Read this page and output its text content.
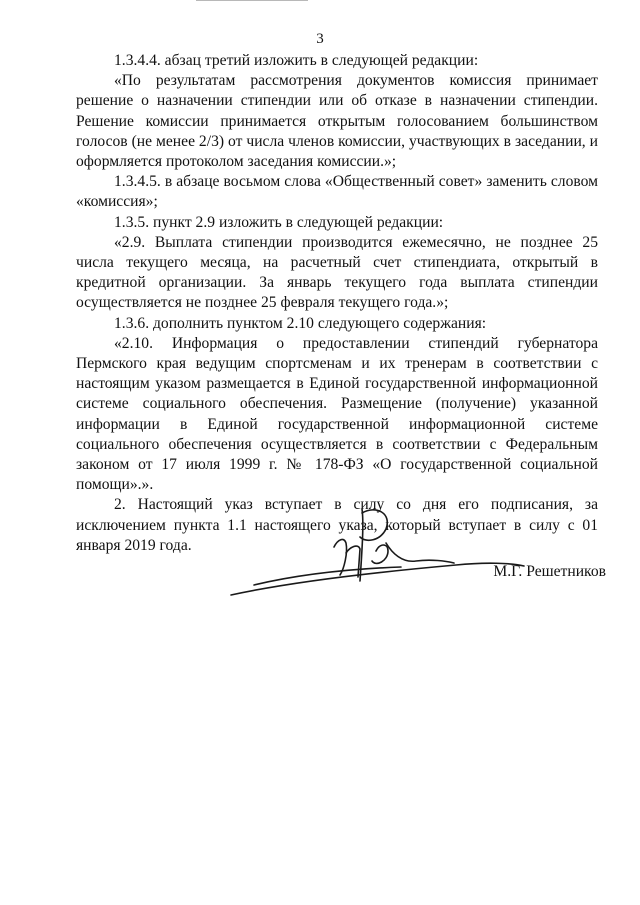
3

1.3.4.4. абзац третий изложить в следующей редакции:

«По результатам рассмотрения документов комиссия принимает решение о назначении стипендии или об отказе в назначении стипендии. Решение комиссии принимается открытым голосованием большинством голосов (не менее 2/3) от числа членов комиссии, участвующих в заседании, и оформляется протоколом заседания комиссии.»;

1.3.4.5. в абзаце восьмом слова «Общественный совет» заменить словом «комиссия»;

1.3.5. пункт 2.9 изложить в следующей редакции:

«2.9. Выплата стипендии производится ежемесячно, не позднее 25 числа текущего месяца, на расчетный счет стипендиата, открытый в кредитной организации. За январь текущего года выплата стипендии осуществляется не позднее 25 февраля текущего года.»;

1.3.6. дополнить пунктом 2.10 следующего содержания:

«2.10. Информация о предоставлении стипендий губернатора Пермского края ведущим спортсменам и их тренерам в соответствии с настоящим указом размещается в Единой государственной информационной системе социального обеспечения. Размещение (получение) указанной информации в Единой государственной информационной системе социального обеспечения осуществляется в соответствии с Федеральным законом от 17 июля 1999 г. № 178-ФЗ «О государственной социальной помощи».».

2. Настоящий указ вступает в силу со дня его подписания, за исключением пункта 1.1 настоящего указа, который вступает в силу с 01 января 2019 года.

М.Г. Решетников
